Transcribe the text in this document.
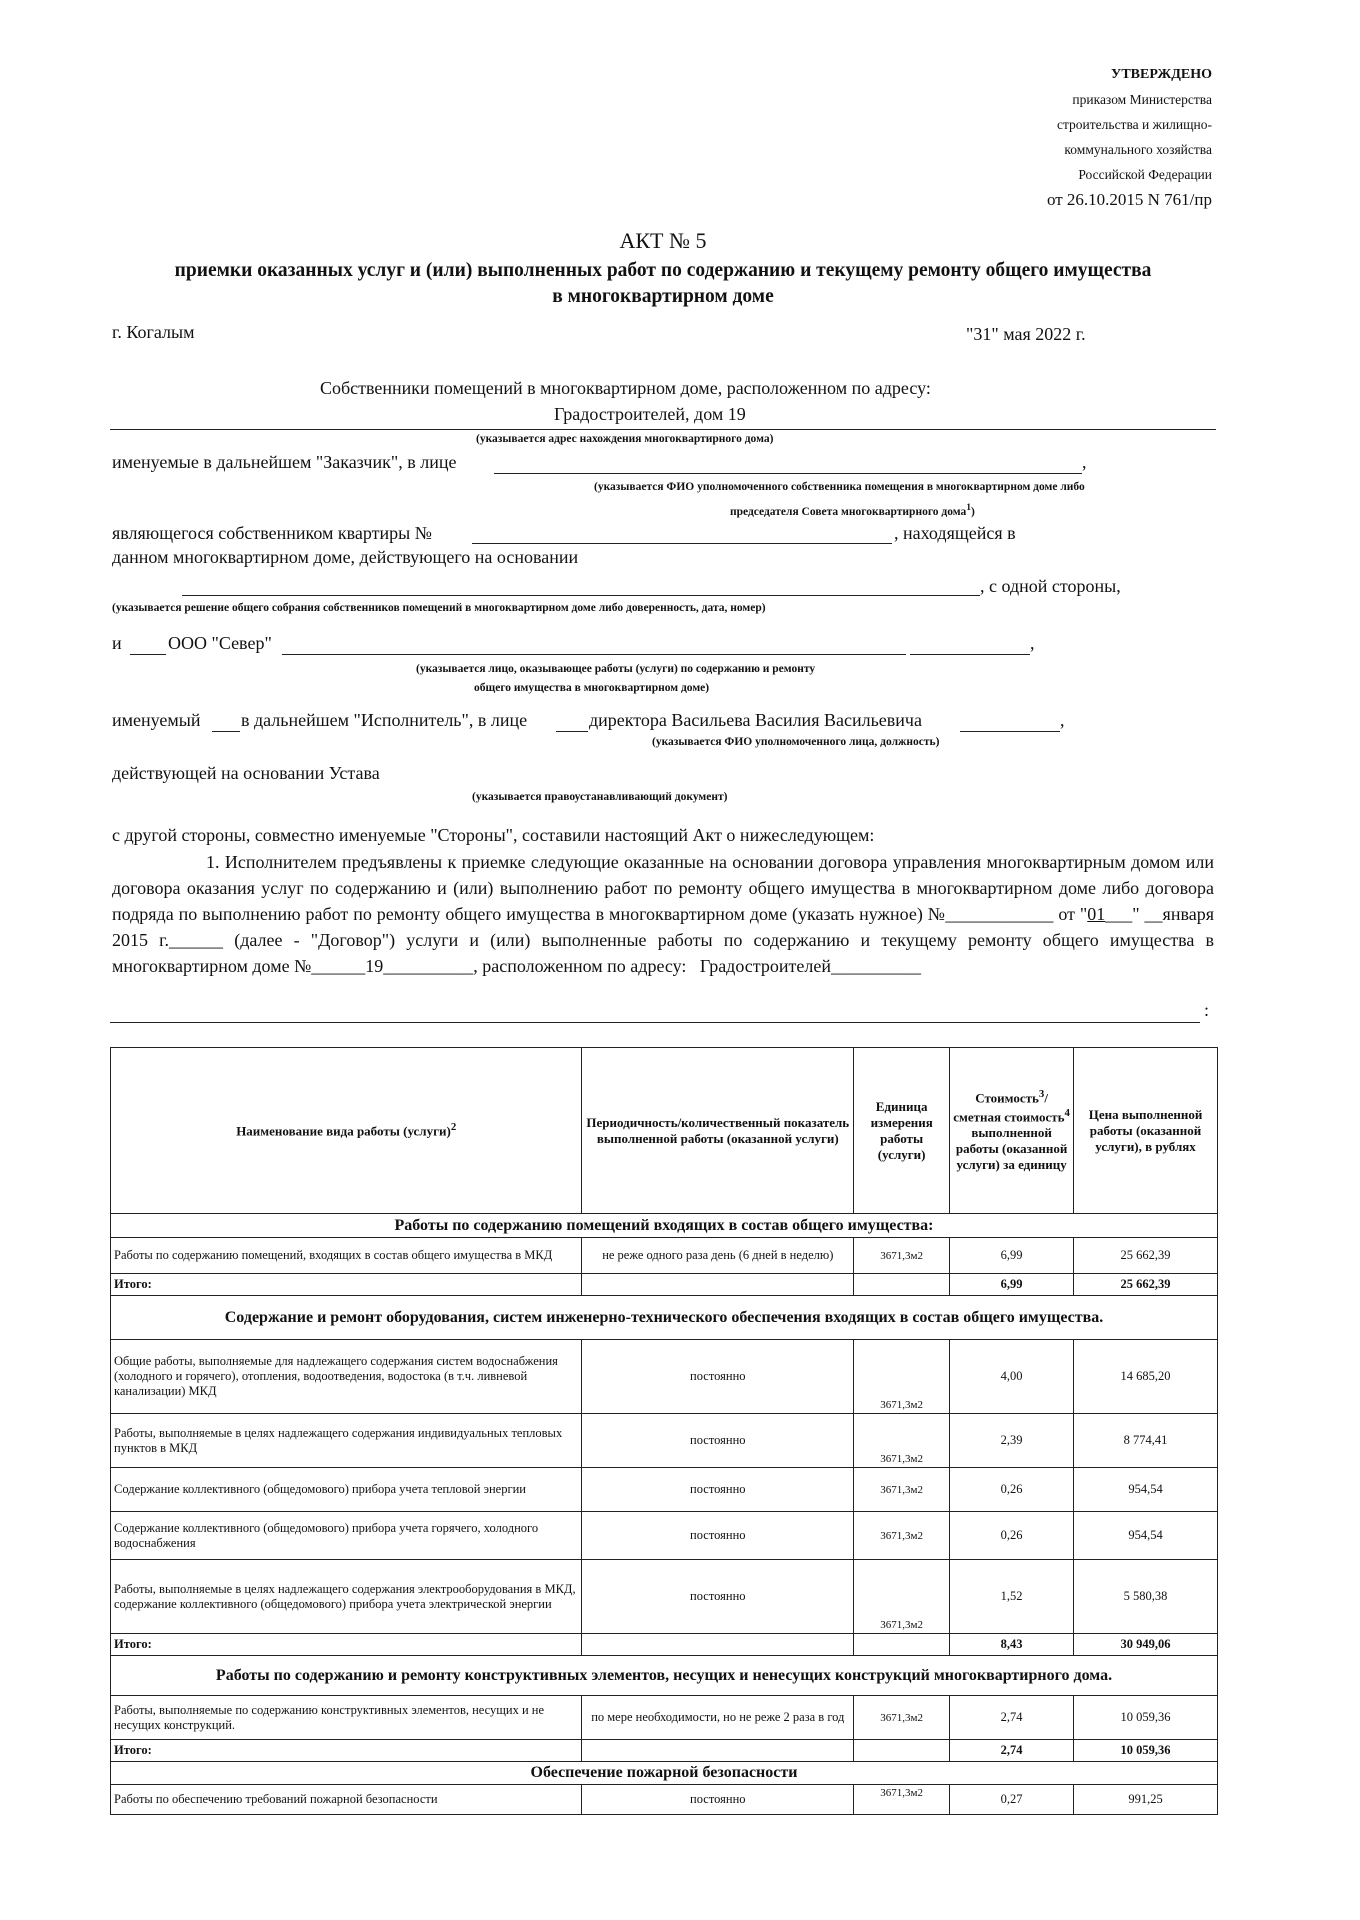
УТВЕРЖДЕНО
приказом Министерства
строительства и жилищно-
коммунального хозяйства
Российской Федерации
от 26.10.2015 N 761/пр
АКТ № 5
приемки оказанных услуг и (или) выполненных работ по содержанию и текущему ремонту общего имущества
в многоквартирном доме
г. Когалым	"31" мая 2022 г.
Собственники помещений в многоквартирном доме, расположенном по адресу:
Градостроителей, дом 19
(указывается адрес нахождения многоквартирного дома)
именуемые в дальнейшем "Заказчик", в лице	,
(указывается ФИО уполномоченного собственника помещения в многоквартирном доме либо
председателя Совета многоквартирного дома$^1$)
являющегося собственником квартиры №	, находящейся в
данном многоквартирном доме, действующего на основании
, с одной стороны,
(указывается решение общего собрания собственников помещений в многоквартирном доме либо доверенность, дата, номер)
и	ООО "Север"	,
(указывается лицо, оказывающее работы (услуги) по содержанию и ремонту
общего имущества в многоквартирном доме)
именуемый в дальнейшем "Исполнитель", в лице	директора Васильева Василия Васильевича	,
(указывается ФИО уполномоченного лица, должность)
действующей на основании Устава
(указывается правоустанавливающий документ)
с другой стороны, совместно именуемые "Стороны", составили настоящий Акт о нижеследующем:
1. Исполнителем предъявлены к приемке следующие оказанные на основании договора управления многоквартирным домом или договора оказания услуг по содержанию и (или) выполнению работ по ремонту общего имущества в многоквартирном доме либо договора подряда по выполнению работ по ремонту общего имущества в многоквартирном доме (указать нужное) №____________ от "01___" __января 2015 г.______ (далее - "Договор") услуги и (или) выполненные работы по содержанию и текущему ремонту общего имущества в многоквартирном доме №______19__________, расположенном по адресу: Градостроителей__________
:
Наименование вида работы (услуги)$^2$	Периодичность/количественный показатель выполненной работы (оказанной услуги)	Единица измерения работы (услуги)	Стоимость$^3$/сметная стоимость$^4$ выполненной работы (оказанной услуги) за единицу	Цена выполненной работы (оказанной услуги), в рублях
Работы по содержанию помещений входящих в состав общего имущества:				
Работы по содержанию помещений, входящих в состав общего имущества в МКД	не реже одного раза день (6 дней в неделю)	3671,3м2	6,99	25 662,39
Итого:			6,99	25 662,39
Содержание и ремонт оборудования, систем инженерно-технического обеспечения входящих в состав общего имущества.				
Общие работы, выполняемые для надлежащего содержания систем водоснабжения (холодного и горячего), отопления, водоотведения, водостока (в т.ч. ливневой канализации) МКД	постоянно	3671,3м2	4,00	14 685,20
Работы, выполняемые в целях надлежащего содержания индивидуальных тепловых пунктов в МКД	постоянно	3671,3м2	2,39	8 774,41
Содержание коллективного (общедомового) прибора учета тепловой энергии	постоянно	3671,3м2	0,26	954,54
Содержание коллективного (общедомового) прибора учета горячего, холодного водоснабжения	постоянно	3671,3м2	0,26	954,54
Работы, выполняемые в целях надлежащего содержания электрооборудования в МКД, содержание коллективного (общедомового) прибора учета электрической энергии	постоянно	3671,3м2	1,52	5 580,38
Итого:			8,43	30 949,06
Работы по содержанию и ремонту конструктивных элементов, несущих и ненесущих конструкций многоквартирного дома.				
Работы, выполняемые по содержанию конструктивных элементов, несущих и не несущих конструкций.	по мере необходимости, но не реже 2 раза в год	3671,3м2	2,74	10 059,36
Итого:			2,74	10 059,36
Обеспечение пожарной безопасности				
Работы по обеспечению требований пожарной безопасности	постоянно	3671,3м2	0,27	991,25
